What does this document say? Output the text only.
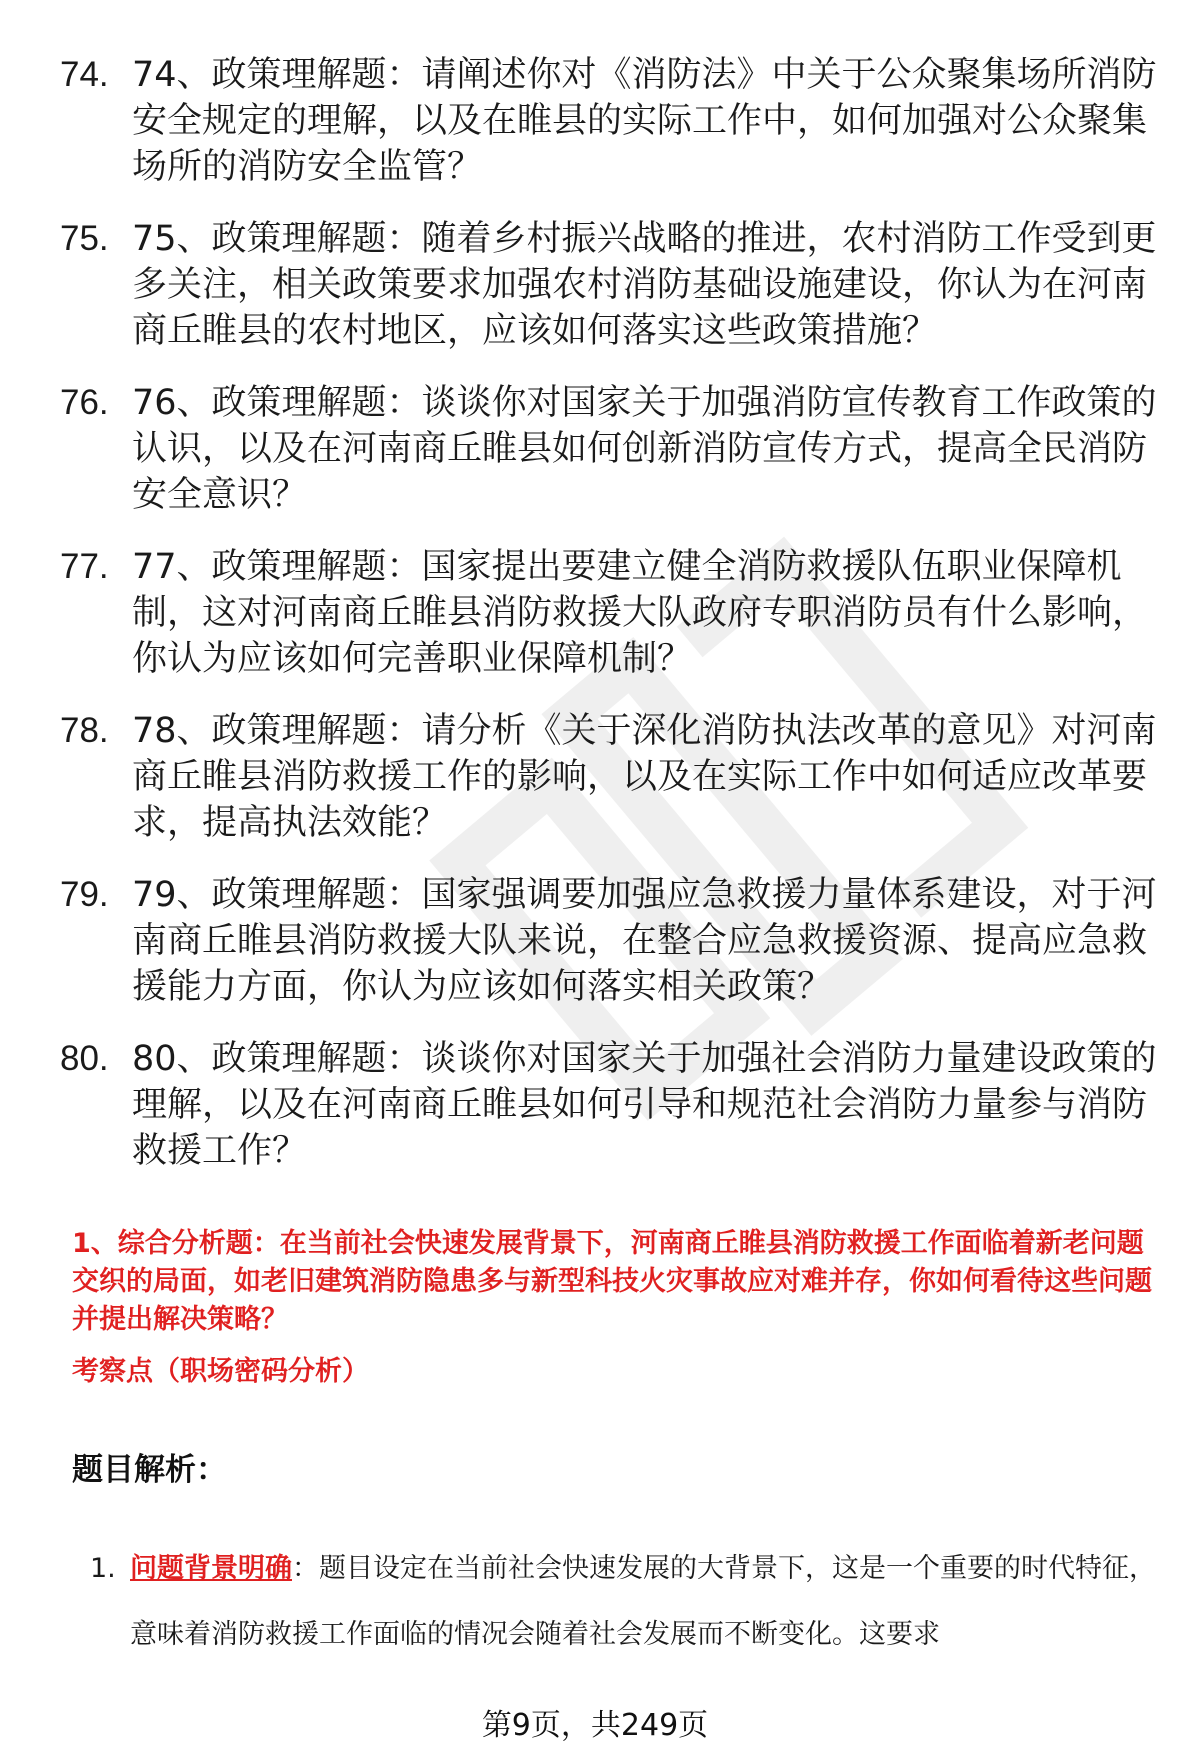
74. 74、政策理解题：请阐述你对《消防法》中关于公众聚集场所消防安全规定的理解，以及在睢县的实际工作中，如何加强对公众聚集场所的消防安全监管？
75. 75、政策理解题：随着乡村振兴战略的推进，农村消防工作受到更多关注，相关政策要求加强农村消防基础设施建设，你认为在河南商丘睢县的农村地区，应该如何落实这些政策措施？
76. 76、政策理解题：谈谈你对国家关于加强消防宣传教育工作政策的认识，以及在河南商丘睢县如何创新消防宣传方式，提高全民消防安全意识？
77. 77、政策理解题：国家提出要建立健全消防救援队伍职业保障机制，这对河南商丘睢县消防救援大队政府专职消防员有什么影响，你认为应该如何完善职业保障机制？
78. 78、政策理解题：请分析《关于深化消防执法改革的意见》对河南商丘睢县消防救援工作的影响，以及在实际工作中如何适应改革要求，提高执法效能？
79. 79、政策理解题：国家强调要加强应急救援力量体系建设，对于河南商丘睢县消防救援大队来说，在整合应急救援资源、提高应急救援能力方面，你认为应该如何落实相关政策？
80. 80、政策理解题：谈谈你对国家关于加强社会消防力量建设政策的理解，以及在河南商丘睢县如何引导和规范社会消防力量参与消防救援工作？
1、综合分析题：在当前社会快速发展背景下，河南商丘睢县消防救援工作面临着新老问题交织的局面，如老旧建筑消防隐患多与新型科技火灾事故应对难并存，你如何看待这些问题并提出解决策略？
考察点（职场密码分析）
题目解析：
1. 问题背景明确：题目设定在当前社会快速发展的大背景下，这是一个重要的时代特征，意味着消防救援工作面临的情况会随着社会发展而不断变化。这要求
第9页，共249页
